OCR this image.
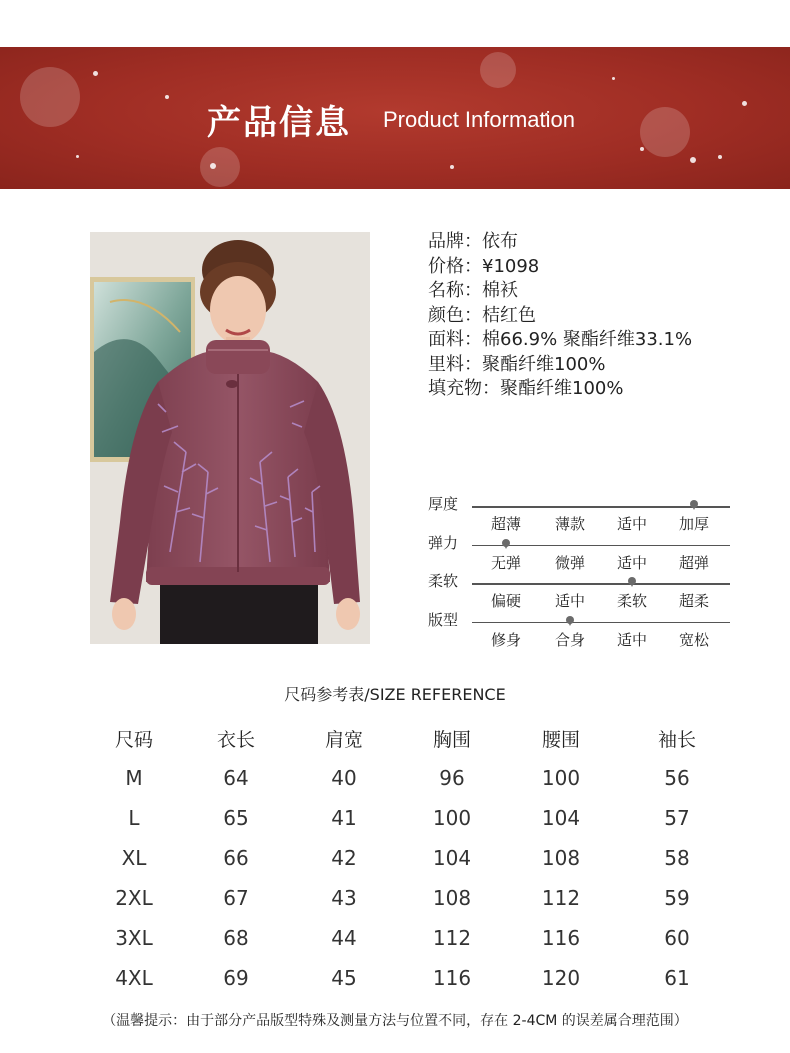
产品信息 Product Information
品牌：依布
价格：¥1098
名称：棉袄
颜色：桔红色
面料：棉66.9% 聚酯纤维33.1%
里料：聚酯纤维100%
填充物：聚酯纤维100%
厚度
超薄	薄款	适中	加厚
弹力
无弹	微弹	适中	超弹
柔软
偏硬	适中	柔软	超柔
版型
修身	合身	适中	宽松
尺码参考表/SIZE REFERENCE
尺码	衣长	肩宽	胸围	腰围	袖长
M	64	40	96	100	56
L	65	41	100	104	57
XL	66	42	104	108	58
2XL	67	43	108	112	59
3XL	68	44	112	116	60
4XL	69	45	116	120	61
（温馨提示：由于部分产品版型特殊及测量方法与位置不同，存在 2-4CM 的误差属合理范围）
